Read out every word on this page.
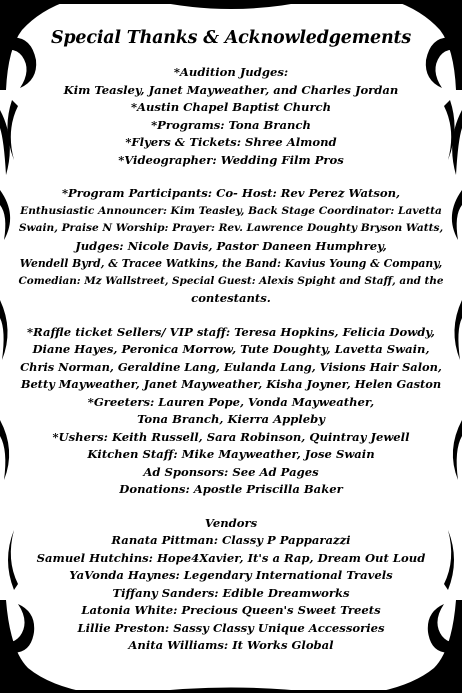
Special Thanks & Acknowledgements
*Audition Judges:
Kim Teasley, Janet Mayweather, and Charles Jordan
*Austin Chapel Baptist Church
*Programs: Tona Branch
*Flyers & Tickets: Shree Almond
*Videographer: Wedding Film Pros
*Program Participants: Co- Host: Rev Perez Watson,
Enthusiastic Announcer: Kim Teasley, Back Stage Coordinator: Lavetta
Swain, Praise N Worship: Prayer: Rev. Lawrence Doughty Bryson Watts,
Judges: Nicole Davis, Pastor Daneen Humphrey,
Wendell Byrd, & Tracee Watkins, the Band: Kavius Young & Company,
Comedian: Mz Wallstreet, Special Guest: Alexis Spight and Staff, and the
contestants.
*Raffle ticket Sellers/ VIP staff: Teresa Hopkins, Felicia Dowdy,
Diane Hayes, Peronica Morrow, Tute Doughty, Lavetta Swain,
Chris Norman, Geraldine Lang, Eulanda Lang, Visions Hair Salon,
Betty Mayweather, Janet Mayweather, Kisha Joyner, Helen Gaston
*Greeters: Lauren Pope, Vonda Mayweather,
Tona Branch, Kierra Appleby
*Ushers: Keith Russell, Sara Robinson, Quintray Jewell
Kitchen Staff: Mike Mayweather, Jose Swain
Ad Sponsors: See Ad Pages
Donations: Apostle Priscilla Baker
Vendors
Ranata Pittman: Classy P Papparazzi
Samuel Hutchins: Hope4Xavier, It's a Rap, Dream Out Loud
YaVonda Haynes: Legendary International Travels
Tiffany Sanders: Edible Dreamworks
Latonia White: Precious Queen's Sweet Treets
Lillie Preston: Sassy Classy Unique Accessories
Anita Williams: It Works Global
